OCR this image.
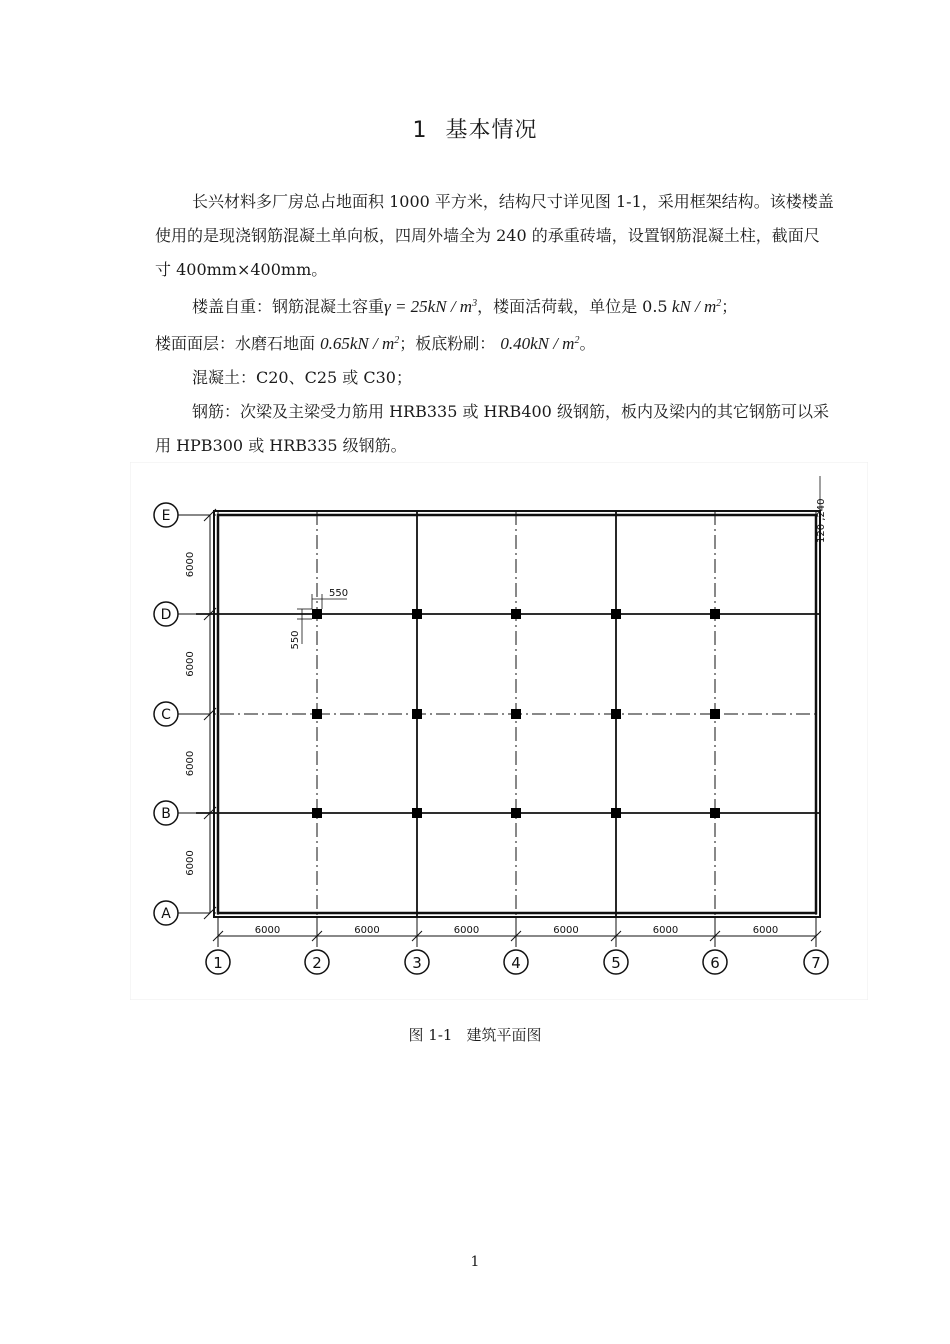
1 基本情况

长兴材料多厂房总占地面积 1000 平方米，结构尺寸详见图 1-1，采用框架结构。该楼楼盖使用的是现浇钢筋混凝土单向板，四周外墙全为 240 的承重砖墙，设置钢筋混凝土柱，截面尺寸 400mm×400mm。

楼盖自重：钢筋混凝土容重$\gamma = 25kN / m^3$，楼面活荷载，单位是 0.5 kN / $m^2$；

楼面面层：水磨石地面 $0.65kN / m^2$；板底粉刷： $0.40kN / m^2$。

混凝土：C20、C25 或 C30；

钢筋：次梁及主梁受力筋用 HRB335 或 HRB400 级钢筋，板内及梁内的其它钢筋可以采用 HPB300 或 HRB335 级钢筋。

6000
6000
6000
6000
6000	6000	6000	6000	6000	6000
E
D
C
B
A
1	2	3	4	5	6	7
550
550
120 ,240
图 1-1 建筑平面图
1
